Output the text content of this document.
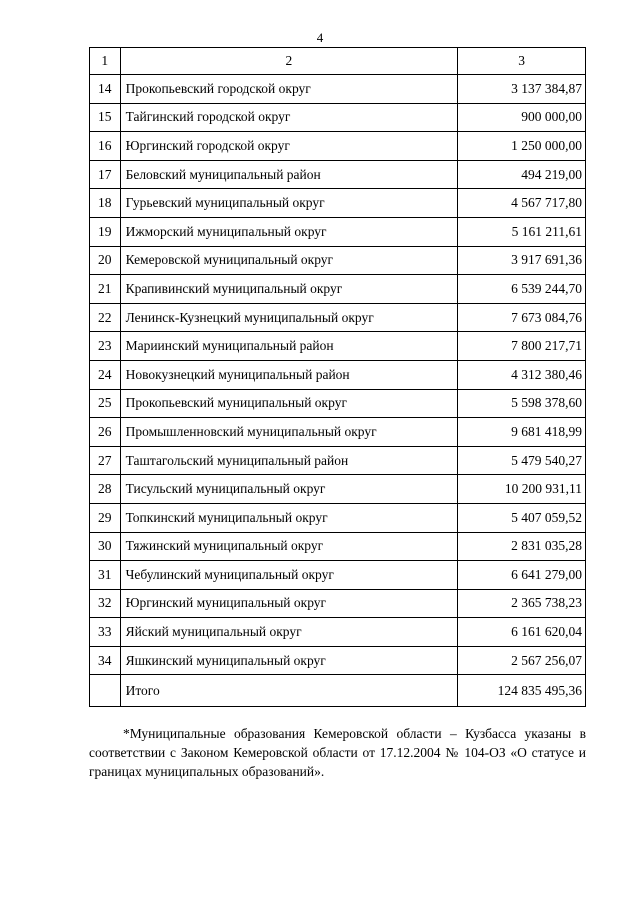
4
1	2	3
14	Прокопьевский городской округ	3 137 384,87
15	Тайгинский городской округ	900 000,00
16	Юргинский городской округ	1 250 000,00
17	Беловский муниципальный район	494 219,00
18	Гурьевский муниципальный округ	4 567 717,80
19	Ижморский муниципальный округ	5 161 211,61
20	Кемеровской муниципальный округ	3 917 691,36
21	Крапивинский муниципальный округ	6 539 244,70
22	Ленинск-Кузнецкий муниципальный округ	7 673 084,76
23	Мариинский муниципальный район	7 800 217,71
24	Новокузнецкий муниципальный район	4 312 380,46
25	Прокопьевский муниципальный округ	5 598 378,60
26	Промышленновский муниципальный округ	9 681 418,99
27	Таштагольский муниципальный район	5 479 540,27
28	Тисульский муниципальный округ	10 200 931,11
29	Топкинский муниципальный округ	5 407 059,52
30	Тяжинский муниципальный округ	2 831 035,28
31	Чебулинский муниципальный округ	6 641 279,00
32	Юргинский муниципальный округ	2 365 738,23
33	Яйский муниципальный округ	6 161 620,04
34	Яшкинский муниципальный округ	2 567 256,07
	Итого	124 835 495,36
*Муниципальные образования Кемеровской области – Кузбасса указаны в соответствии с Законом Кемеровской области от 17.12.2004 № 104-ОЗ «О статусе и границах муниципальных образований».
